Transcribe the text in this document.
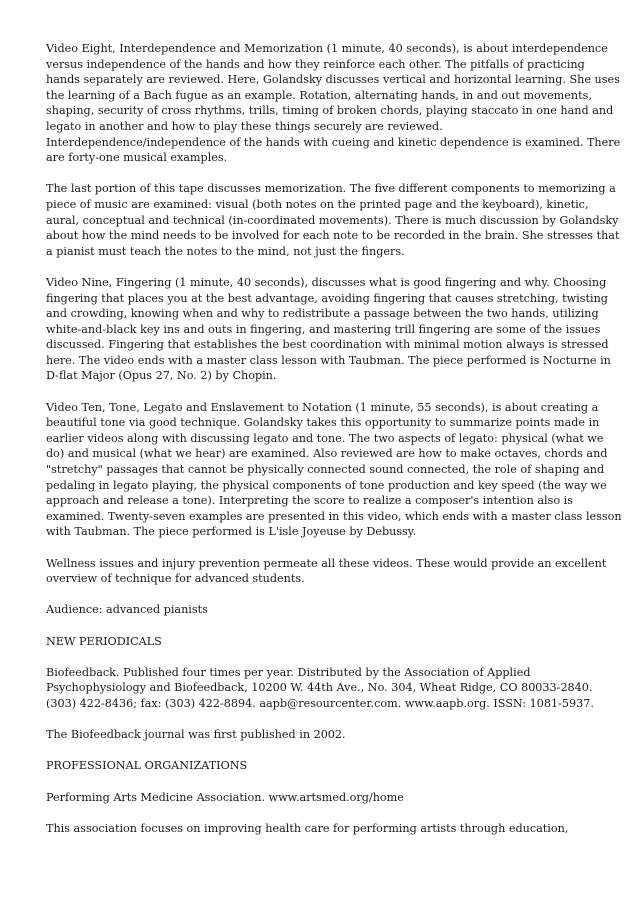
Video Eight, Interdependence and Memorization (1 minute, 40 seconds), is about interdependence
versus independence of the hands and how they reinforce each other. The pitfalls of practicing
hands separately are reviewed. Here, Golandsky discusses vertical and horizontal learning. She uses
the learning of a Bach fugue as an example. Rotation, alternating hands, in and out movements,
shaping, security of cross rhythms, trills, timing of broken chords, playing staccato in one hand and
legato in another and how to play these things securely are reviewed.
Interdependence/independence of the hands with cueing and kinetic dependence is examined. There
are forty-one musical examples.

The last portion of this tape discusses memorization. The five different components to memorizing a
piece of music are examined: visual (both notes on the printed page and the keyboard), kinetic,
aural, conceptual and technical (in-coordinated movements). There is much discussion by Golandsky
about how the mind needs to be involved for each note to be recorded in the brain. She stresses that
a pianist must teach the notes to the mind, not just the fingers.

Video Nine, Fingering (1 minute, 40 seconds), discusses what is good fingering and why. Choosing
fingering that places you at the best advantage, avoiding fingering that causes stretching, twisting
and crowding, knowing when and why to redistribute a passage between the two hands, utilizing
white-and-black key ins and outs in fingering, and mastering trill fingering are some of the issues
discussed. Fingering that establishes the best coordination with minimal motion always is stressed
here. The video ends with a master class lesson with Taubman. The piece performed is Nocturne in
D-flat Major (Opus 27, No. 2) by Chopin.

Video Ten, Tone, Legato and Enslavement to Notation (1 minute, 55 seconds), is about creating a
beautiful tone via good technique. Golandsky takes this opportunity to summarize points made in
earlier videos along with discussing legato and tone. The two aspects of legato: physical (what we
do) and musical (what we hear) are examined. Also reviewed are how to make octaves, chords and
"stretchy" passages that cannot be physically connected sound connected, the role of shaping and
pedaling in legato playing, the physical components of tone production and key speed (the way we
approach and release a tone). Interpreting the score to realize a composer's intention also is
examined. Twenty-seven examples are presented in this video, which ends with a master class lesson
with Taubman. The piece performed is L'isle Joyeuse by Debussy.

Wellness issues and injury prevention permeate all these videos. These would provide an excellent
overview of technique for advanced students.

Audience: advanced pianists

NEW PERIODICALS

Biofeedback. Published four times per year. Distributed by the Association of Applied
Psychophysiology and Biofeedback, 10200 W. 44th Ave., No. 304, Wheat Ridge, CO 80033-2840.
(303) 422-8436; fax: (303) 422-8894. aapb@resourcenter.com. www.aapb.org. ISSN: 1081-5937.

The Biofeedback journal was first published in 2002.

PROFESSIONAL ORGANIZATIONS

Performing Arts Medicine Association. www.artsmed.org/home

This association focuses on improving health care for performing artists through education,
